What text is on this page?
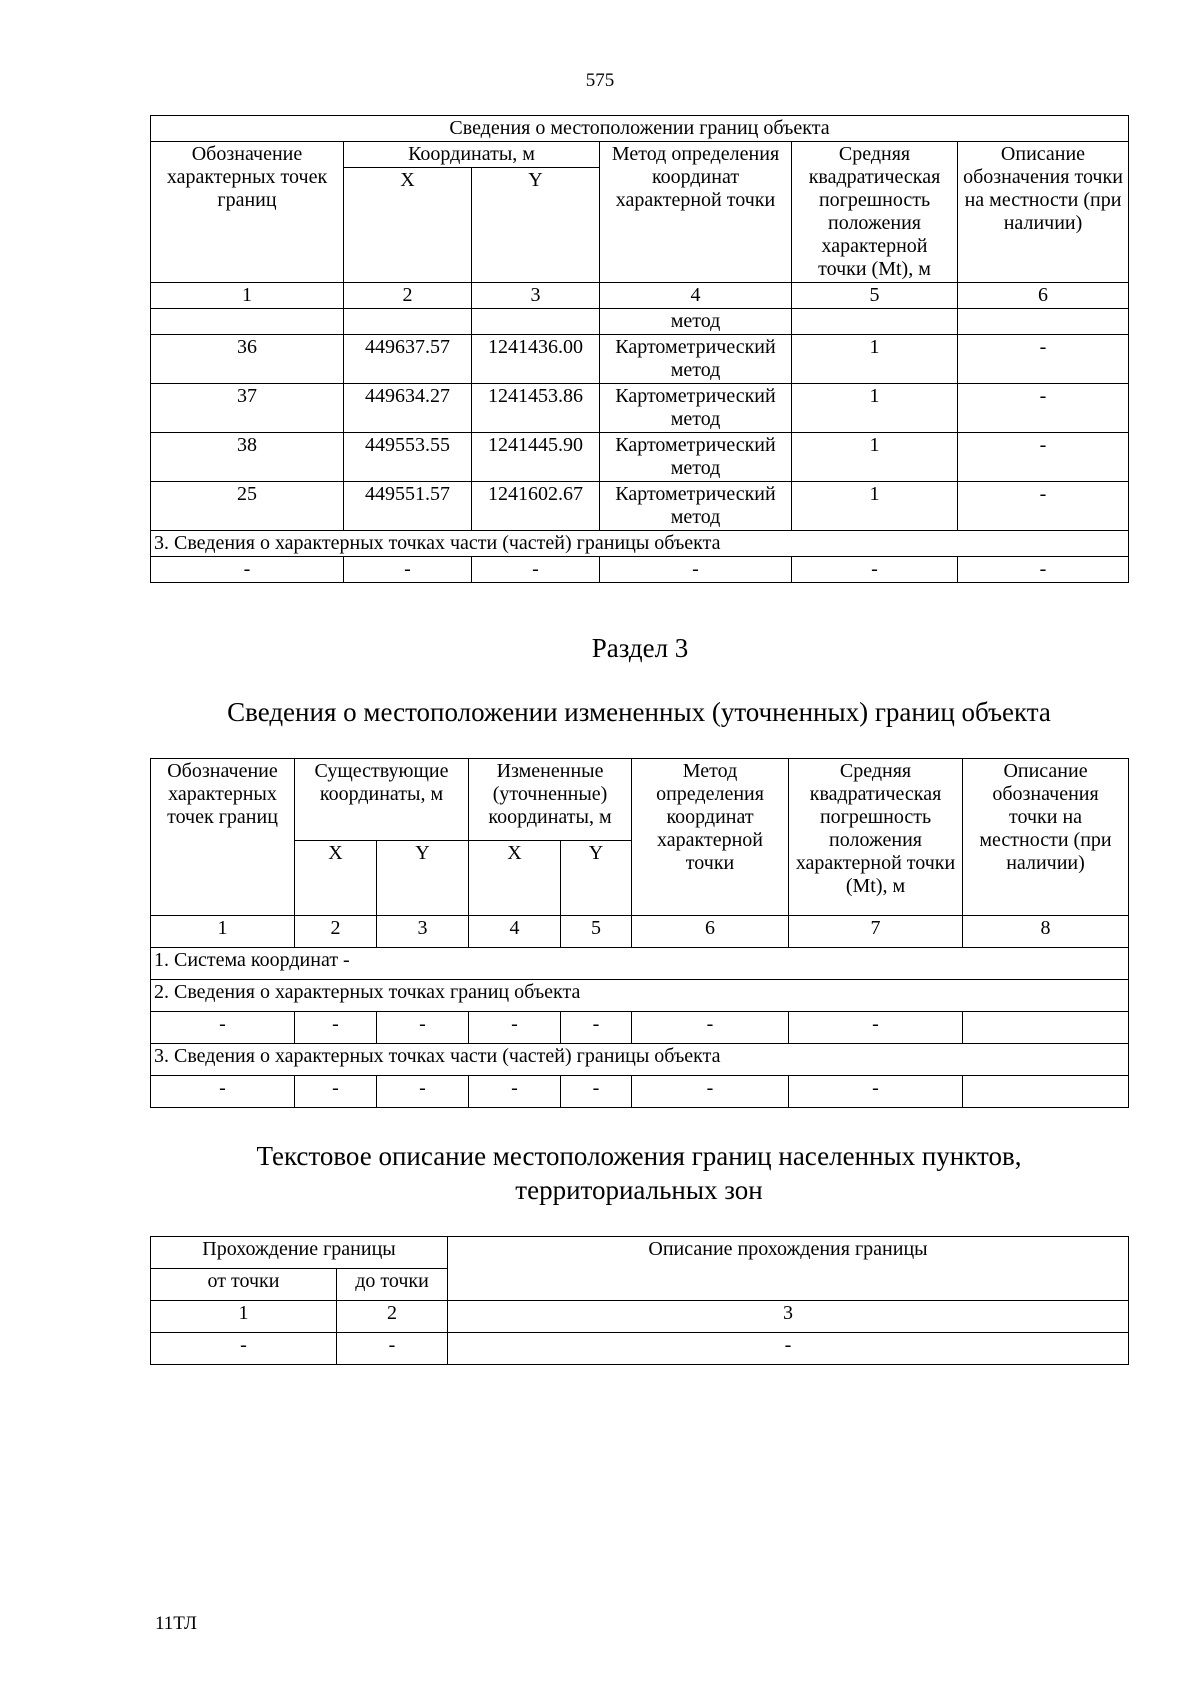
575
Сведения о местоположении границ объекта					
Обозначение характерных точек границ	Координаты, м		Метод определения координат характерной точки	Средняя квадратическая погрешность положения характерной точки (Mt), м	Описание обозначения точки на местности (при наличии)
	X	Y			
1	2	3	4	5	6
			метод		
36	449637.57	1241436.00	Картометрический метод	1	-
37	449634.27	1241453.86	Картометрический метод	1	-
38	449553.55	1241445.90	Картометрический метод	1	-
25	449551.57	1241602.67	Картометрический метод	1	-
3. Сведения о характерных точках части (частей) границы объекта					
-	-	-	-	-	-
Раздел 3
Сведения о местоположении измененных (уточненных) границ объекта
Обозначение характерных точек границ	Существующие координаты, м		Измененные (уточненные) координаты, м		Метод определения координат характерной точки	Средняя квадратическая погрешность положения характерной точки (Mt), м	Описание обозначения точки на местности (при наличии)
	X	Y	X	Y			
1	2	3	4	5	6	7	8
1. Система координат -							
2. Сведения о характерных точках границ объекта							
-	-	-	-	-	-	-	
3. Сведения о характерных точках части (частей) границы объекта							
-	-	-	-	-	-	-	
Текстовое описание местоположения границ населенных пунктов,
территориальных зон
Прохождение границы		Описание прохождения границы
от точки	до точки	
1	2	3
-	-	-
11ТЛ
